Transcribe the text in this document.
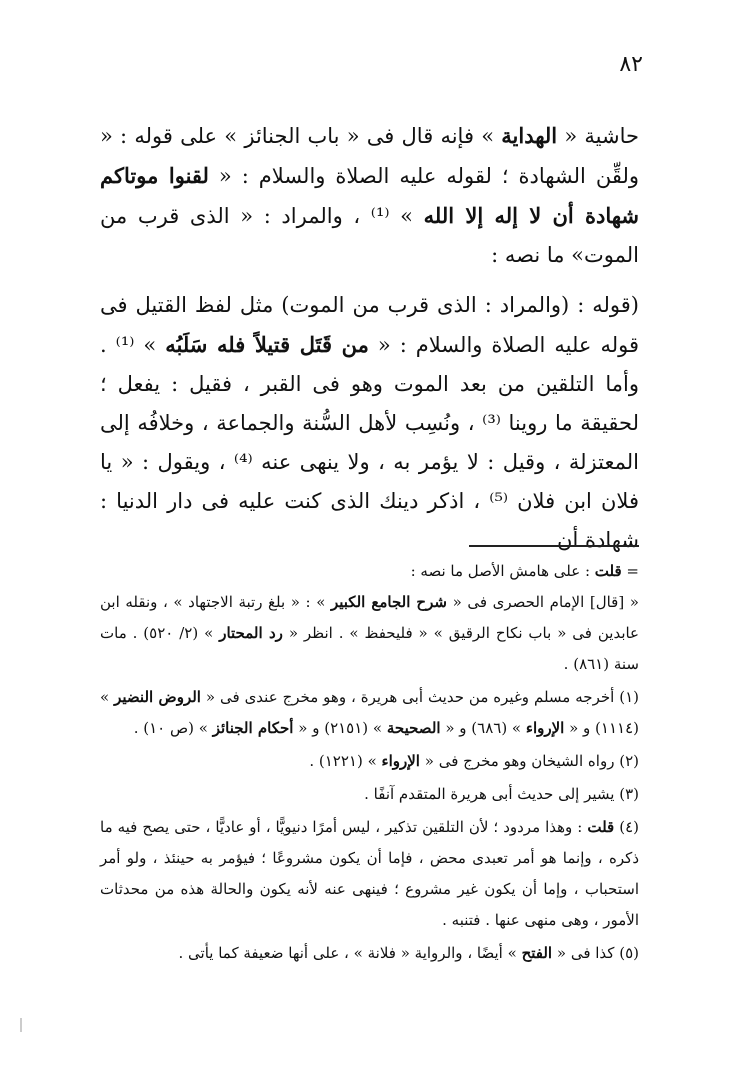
٨٢

حاشية « الهداية » فإنه قال فى « باب الجنائز » على قوله : « ولقِّن الشهادة ؛ لقوله عليه الصلاة والسلام : « لقنوا موتاكم شهادة أن لا إله إلا الله » ⁽¹⁾ ، والمراد : « الذى قرب من الموت» ما نصه :

(قوله : (والمراد : الذى قرب من الموت) مثل لفظ القتيل فى قوله عليه الصلاة والسلام : « من قَتَل قتيلاً فله سَلَبُه » ⁽¹⁾ . وأما التلقين من بعد الموت وهو فى القبر ، فقيل : يفعل ؛ لحقيقة ما روينا ⁽³⁾ ، ونُسِب لأهل السُّنة والجماعة ، وخلافُه إلى المعتزلة ، وقيل : لا يؤمر به ، ولا ينهى عنه ⁽⁴⁾ ، ويقول : « يا فلان ابن فلان ⁽⁵⁾ ، اذكر دينك الذى كنت عليه فى دار الدنيا : شهادة أن

= قلت : على هامش الأصل ما نصه :
« [قال] الإمام الحصرى فى « شرح الجامع الكبير » : « بلغ رتبة الاجتهاد » ، ونقله ابن عابدين فى « باب نكاح الرقيق » « فليحفظ » . انظر « رد المحتار » (٢/ ٥٢٠) . مات سنة (٨٦١) .

(١) أخرجه مسلم وغيره من حديث أبى هريرة ، وهو مخرج عندى فى « الروض النضير » (١١١٤) و « الإرواء » (٦٨٦) و « الصحيحة » (٢١٥١) و « أحكام الجنائز » (ص ١٠) .

(٢) رواه الشيخان وهو مخرج فى « الإرواء » (١٢٢١) .

(٣) يشير إلى حديث أبى هريرة المتقدم آنفًا .

(٤) قلت : وهذا مردود ؛ لأن التلقين تذكير ، ليس أمرًا دنيويًّا ، أو عاديًّا ، حتى يصح فيه ما ذكره ، وإنما هو أمر تعبدى محض ، فإما أن يكون مشروعًا ؛ فيؤمر به حينئذ ، ولو أمر استحباب ، وإما أن يكون غير مشروع ؛ فينهى عنه لأنه يكون والحالة هذه من محدثات الأمور ، وهى منهى عنها . فتنبه .

(٥) كذا فى « الفتح » أيضًا ، والرواية « فلانة » ، على أنها ضعيفة كما يأتى .
